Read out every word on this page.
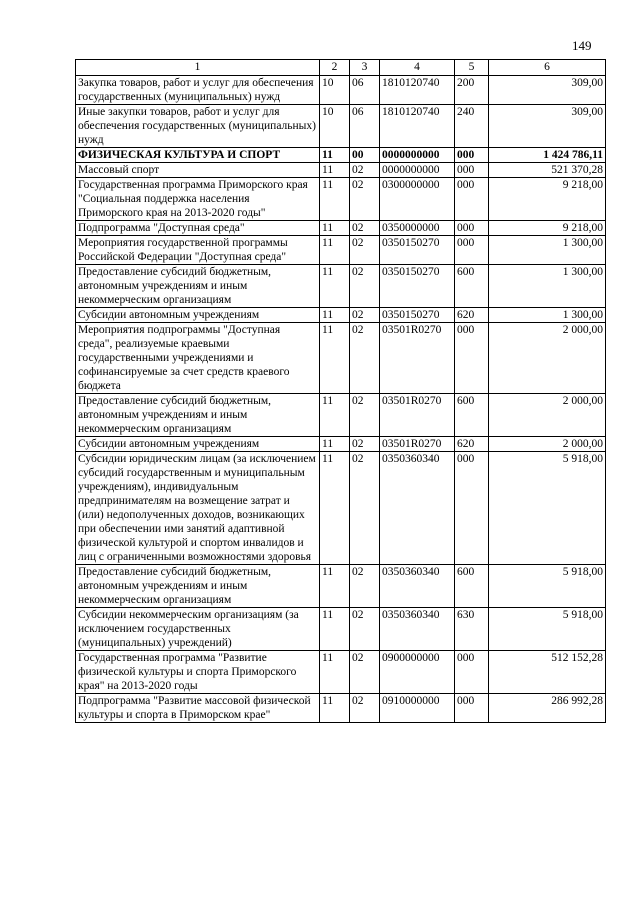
149
1	2	3	4	5	6
Закупка товаров, работ и услуг для обеспечения государственных (муниципальных) нужд	10	06	1810120740	200	309,00
Иные закупки товаров, работ и услуг для обеспечения государственных (муниципальных) нужд	10	06	1810120740	240	309,00
ФИЗИЧЕСКАЯ КУЛЬТУРА И СПОРТ	11	00	0000000000	000	1 424 786,11
Массовый спорт	11	02	0000000000	000	521 370,28
Государственная программа Приморского края "Социальная поддержка населения Приморского края на 2013-2020 годы"	11	02	0300000000	000	9 218,00
Подпрограмма "Доступная среда"	11	02	0350000000	000	9 218,00
Мероприятия государственной программы Российской Федерации "Доступная среда"	11	02	0350150270	000	1 300,00
Предоставление субсидий бюджетным, автономным учреждениям и иным некоммерческим организациям	11	02	0350150270	600	1 300,00
Субсидии автономным учреждениям	11	02	0350150270	620	1 300,00
Мероприятия подпрограммы "Доступная среда", реализуемые краевыми государственными учреждениями и софинансируемые за счет средств краевого бюджета	11	02	03501R0270	000	2 000,00
Предоставление субсидий бюджетным, автономным учреждениям и иным некоммерческим организациям	11	02	03501R0270	600	2 000,00
Субсидии автономным учреждениям	11	02	03501R0270	620	2 000,00
Субсидии юридическим лицам (за исключением субсидий государственным и муниципальным учреждениям), индивидуальным предпринимателям на возмещение затрат и (или) недополученных доходов, возникающих при обеспечении ими занятий адаптивной физической культурой и спортом инвалидов и лиц с ограниченными возможностями здоровья	11	02	0350360340	000	5 918,00
Предоставление субсидий бюджетным, автономным учреждениям и иным некоммерческим организациям	11	02	0350360340	600	5 918,00
Субсидии некоммерческим организациям (за исключением государственных (муниципальных) учреждений)	11	02	0350360340	630	5 918,00
Государственная программа "Развитие физической культуры и спорта Приморского края" на 2013-2020 годы	11	02	0900000000	000	512 152,28
Подпрограмма "Развитие массовой физической культуры и спорта в Приморском крае"	11	02	0910000000	000	286 992,28
